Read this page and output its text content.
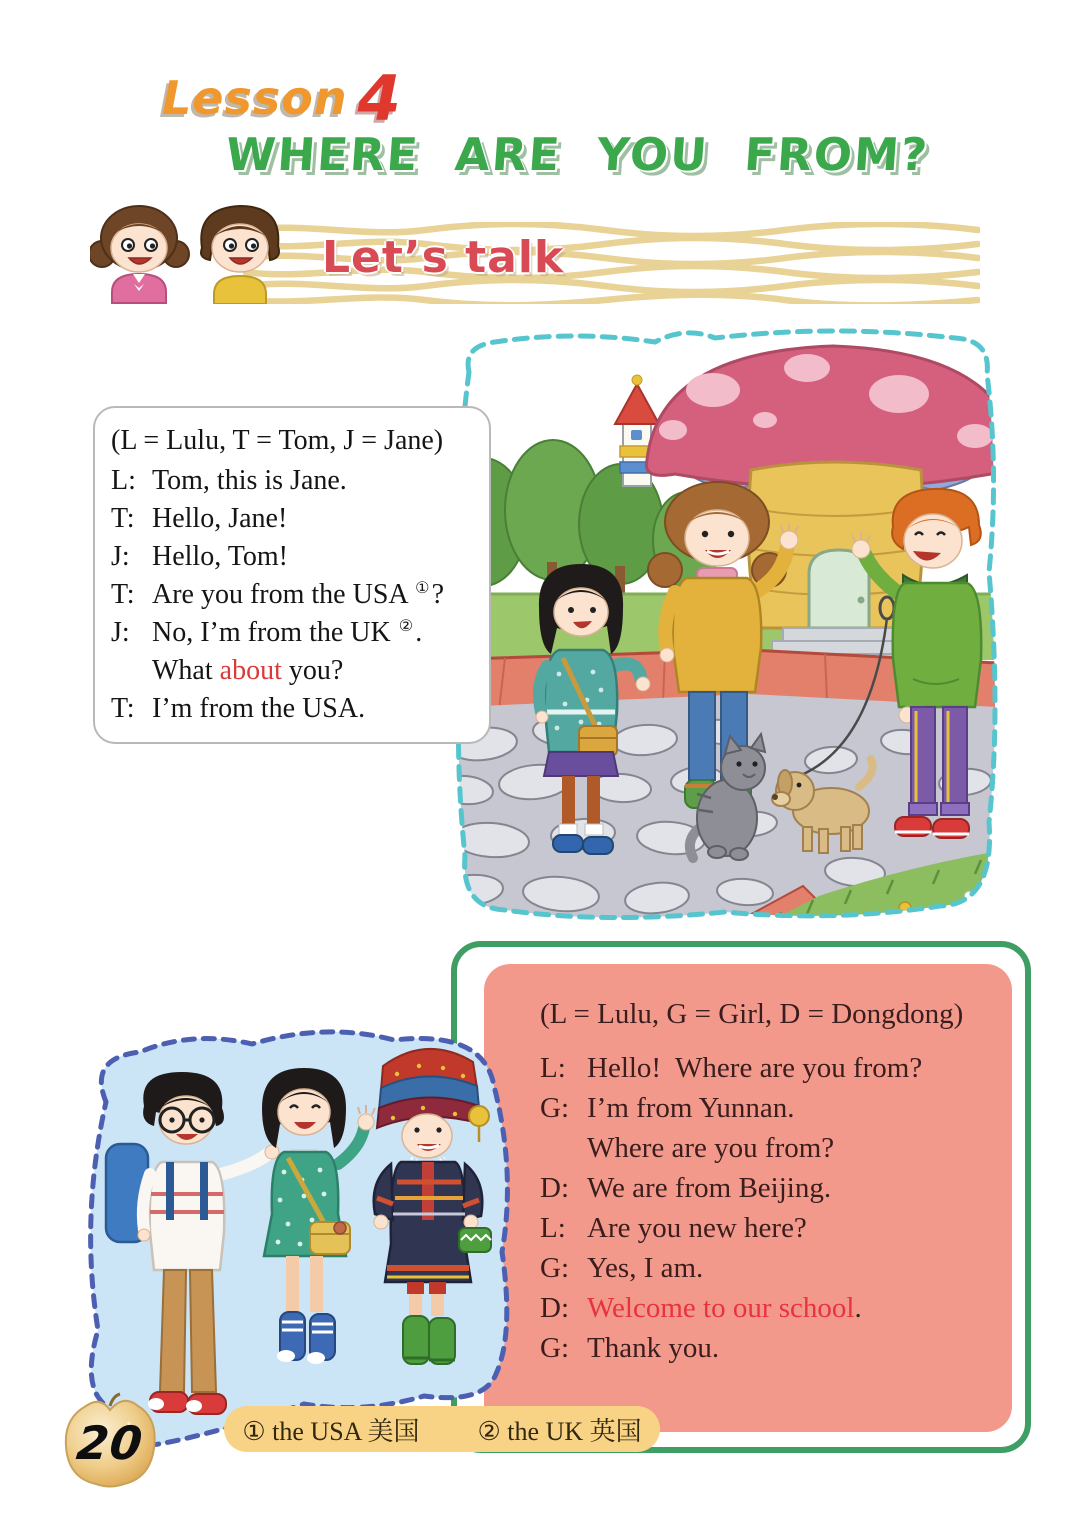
Lesson 4
WHERE ARE YOU FROM?
Let’s talk
(L = Lulu, T = Tom, J = Jane)
L: Tom, this is Jane.
T: Hello, Jane!
J: Hello, Tom!
T: Are you from the USA ①?
J: No, I’m from the UK ②.
What about you?
T: I’m from the USA.
(L = Lulu, G = Girl, D = Dongdong)
L: Hello!  Where are you from?
G: I’m from Yunnan.
Where are you from?
D: We are from Beijing.
L: Are you new here?
G: Yes, I am.
D: Welcome to our school.
G: Thank you.
① the USA 美国 ② the UK 英国
20
